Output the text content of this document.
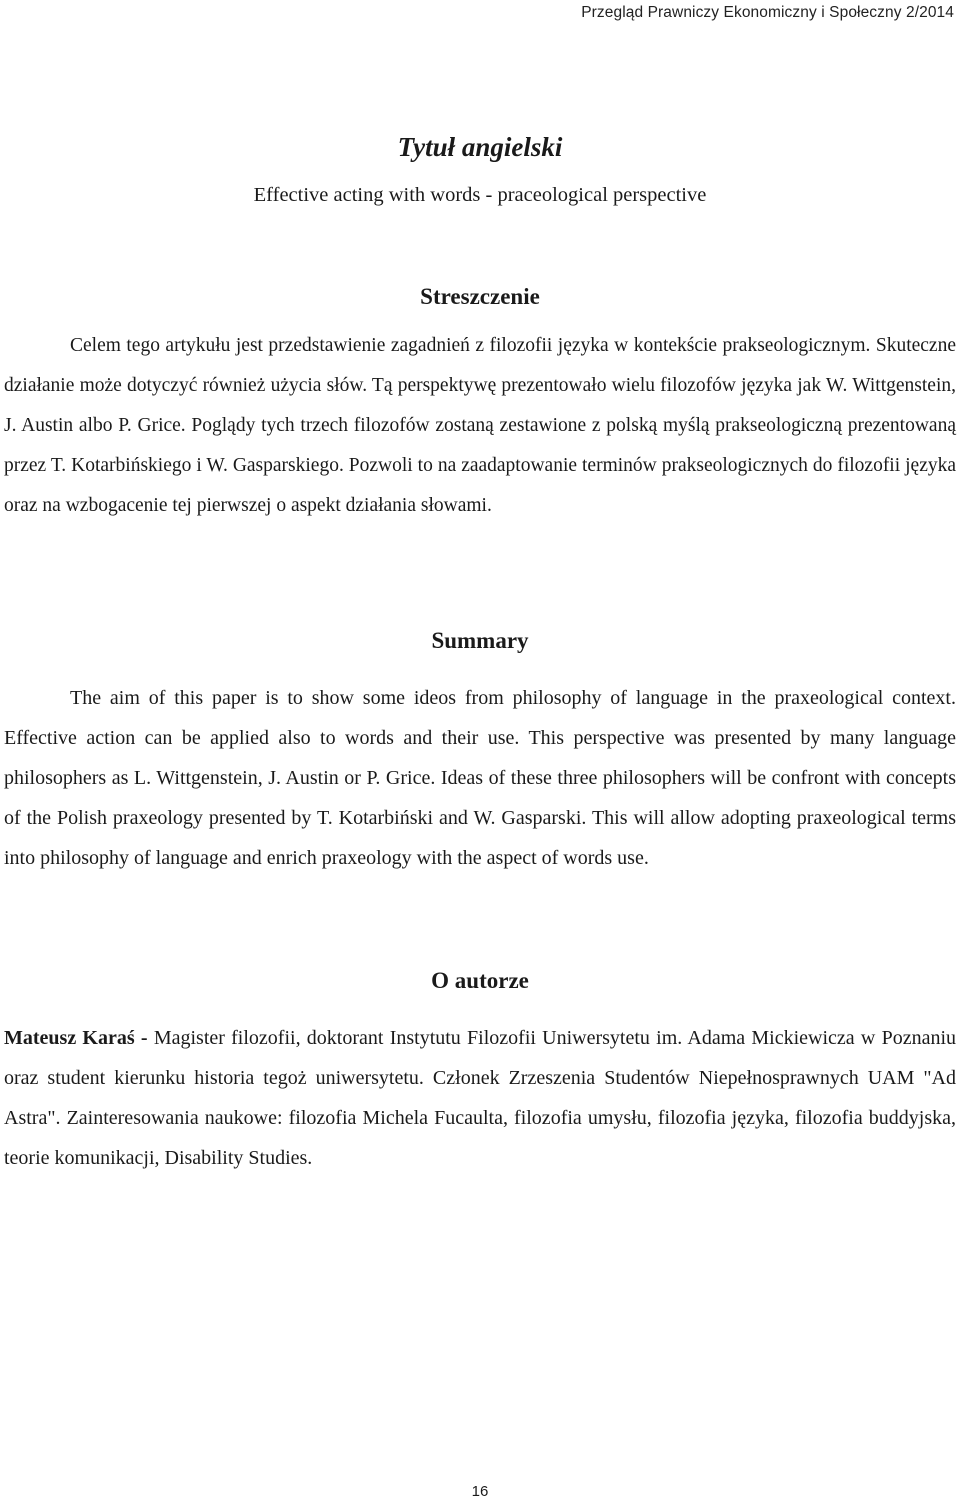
Przegląd Prawniczy Ekonomiczny i Społeczny 2/2014
Tytuł angielski
Effective acting with words - praceological perspective
Streszczenie

Celem tego artykułu jest przedstawienie zagadnień z filozofii języka w kontekście prakseologicznym. Skuteczne działanie może dotyczyć również użycia słów. Tą perspektywę prezentowało wielu filozofów języka jak W. Wittgenstein, J. Austin albo P. Grice. Poglądy tych trzech filozofów zostaną zestawione z polską myślą prakseologiczną prezentowaną przez T. Kotarbińskiego i W. Gasparskiego. Pozwoli to na zaadaptowanie terminów prakseologicznych do filozofii języka oraz na wzbogacenie tej pierwszej o aspekt działania słowami.

Summary

The aim of this paper is to show some ideos from philosophy of language in the praxeological context. Effective action can be applied also to words and their use. This perspective was presented by many language philosophers as L. Wittgenstein, J. Austin or P. Grice. Ideas of these three philosophers will be confront with concepts of the Polish praxeology presented by T. Kotarbiński and W. Gasparski. This will allow adopting praxeological terms into philosophy of language and enrich praxeology with the aspect of words use.

O autorze

Mateusz Karaś - Magister filozofii, doktorant Instytutu Filozofii Uniwersytetu im. Adama Mickiewicza w Poznaniu oraz student kierunku historia tegoż uniwersytetu. Członek Zrzeszenia Studentów Niepełnosprawnych UAM "Ad Astra". Zainteresowania naukowe: filozofia Michela Fucaulta, filozofia umysłu, filozofia języka, filozofia buddyjska, teorie komunikacji, Disability Studies.

16
